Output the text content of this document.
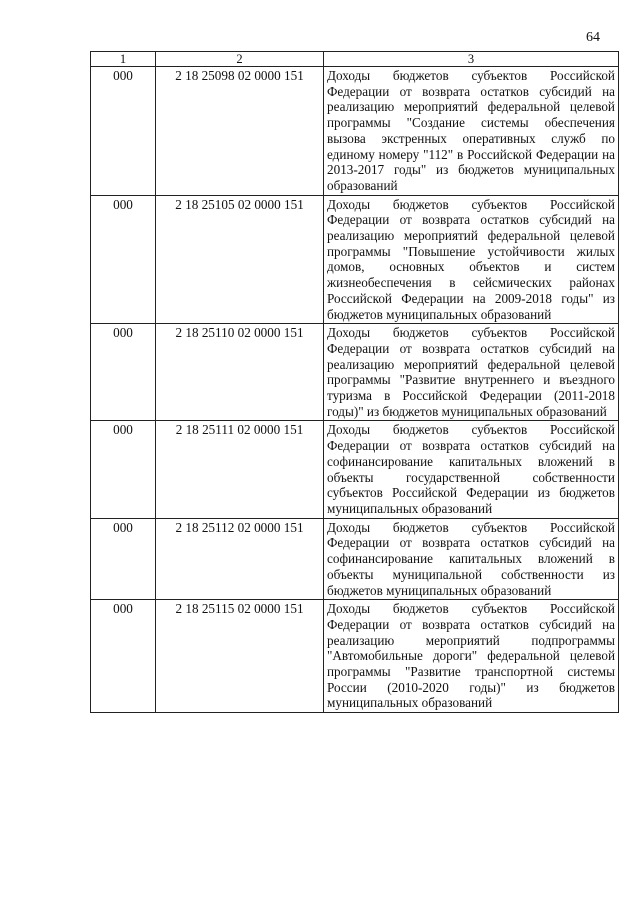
64
1	2	3
000	2 18 25098 02 0000 151	Доходы бюджетов субъектов Российской Федерации от возврата остатков субсидий на реализацию мероприятий федеральной целевой программы "Создание системы обеспечения вызова экстренных оперативных служб по единому номеру "112" в Российской Федерации на 2013-2017 годы" из бюджетов муниципальных образований
000	2 18 25105 02 0000 151	Доходы бюджетов субъектов Российской Федерации от возврата остатков субсидий на реализацию мероприятий федеральной целевой программы "Повышение устойчивости жилых домов, основных объектов и систем жизнеобеспечения в сейсмических районах Российской Федерации на 2009-2018 годы" из бюджетов муниципальных образований
000	2 18 25110 02 0000 151	Доходы бюджетов субъектов Российской Федерации от возврата остатков субсидий на реализацию мероприятий федеральной целевой программы "Развитие внутреннего и въездного туризма в Российской Федерации (2011-2018 годы)" из бюджетов муниципальных образований
000	2 18 25111 02 0000 151	Доходы бюджетов субъектов Российской Федерации от возврата остатков субсидий на софинансирование капитальных вложений в объекты государственной собственности субъектов Российской Федерации из бюджетов муниципальных образований
000	2 18 25112 02 0000 151	Доходы бюджетов субъектов Российской Федерации от возврата остатков субсидий на софинансирование капитальных вложений в объекты муниципальной собственности из бюджетов муниципальных образований
000	2 18 25115 02 0000 151	Доходы бюджетов субъектов Российской Федерации от возврата остатков субсидий на реализацию мероприятий подпрограммы "Автомобильные дороги" федеральной целевой программы "Развитие транспортной системы России (2010-2020 годы)" из бюджетов муниципальных образований
